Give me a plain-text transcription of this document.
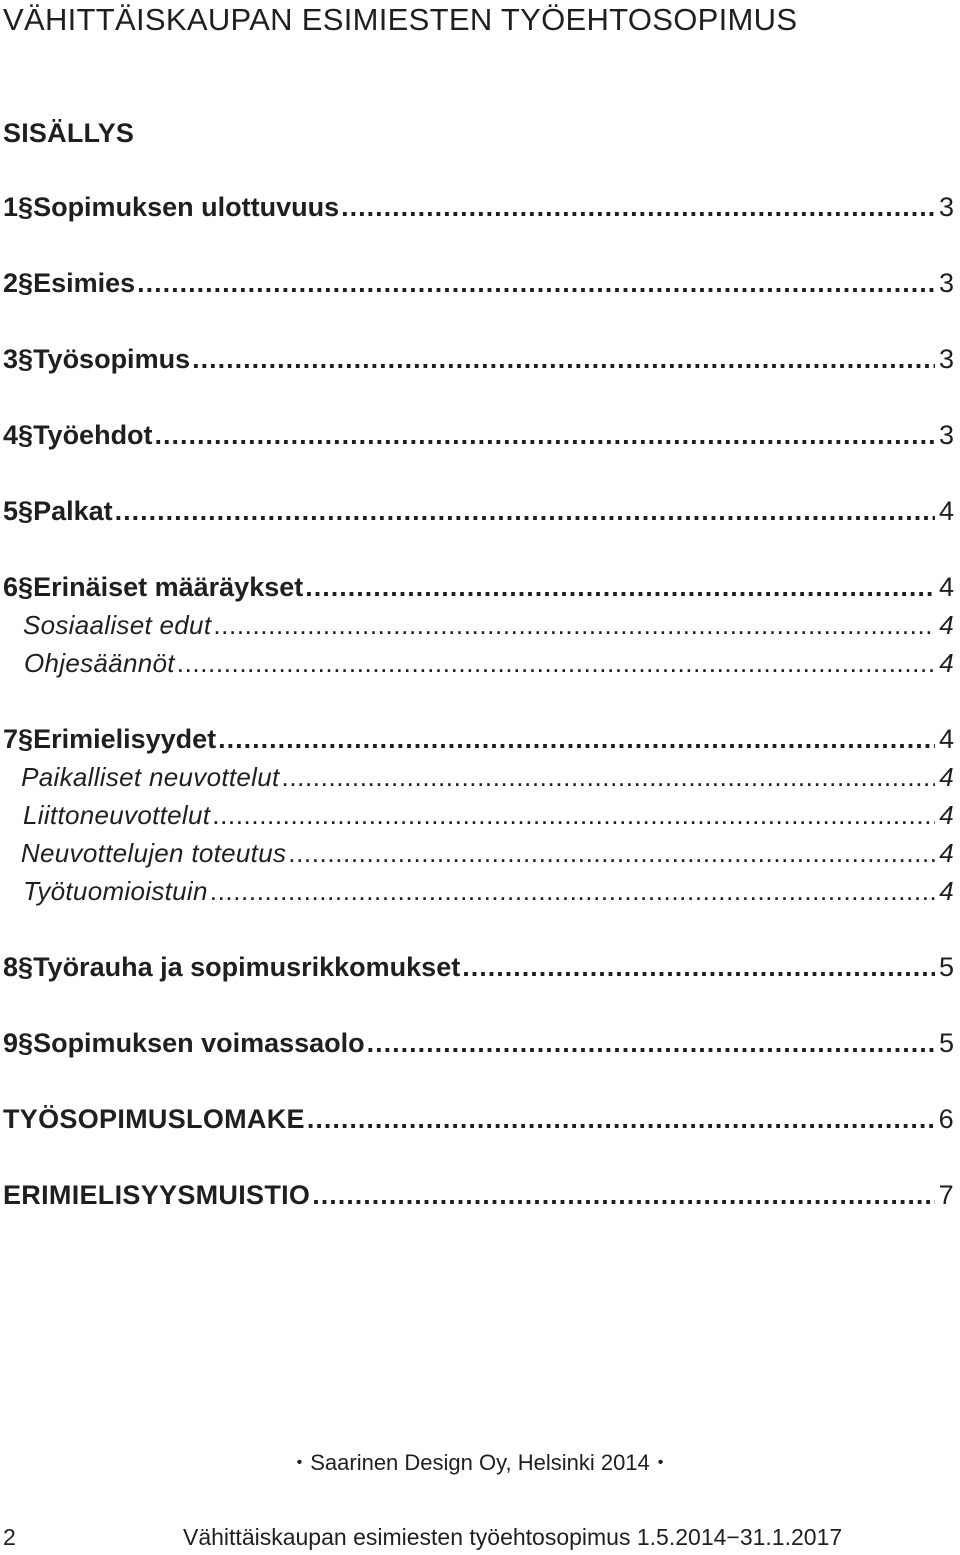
VÄHITTÄISKAUPAN ESIMIESTEN TYÖEHTOSOPIMUS
SISÄLLYS
1 § Sopimuksen ulottuvuus .....	3
2 § Esimies .....	3
3 § Työsopimus .....	3
4 § Työehdot .....	3
5 § Palkat .....	4
6 § Erinäiset määräykset .....	4
Sosiaaliset edut .....	4
Ohjesäännöt .....	4
7 § Erimielisyydet .....	4
Paikalliset neuvottelut .....	4
Liittoneuvottelut .....	4
Neuvottelujen toteutus .....	4
Työtuomioistuin .....	4
8 § Työrauha ja sopimusrikkomukset .....	5
9 § Sopimuksen voimassaolo .....	5
TYÖSOPIMUSLOMAKE .....	6
ERIMIELISYYSMUISTIO .....	7
• Saarinen Design Oy, Helsinki 2014 •
2	Vähittäiskaupan esimiesten työehtosopimus 1.5.2014−31.1.2017
